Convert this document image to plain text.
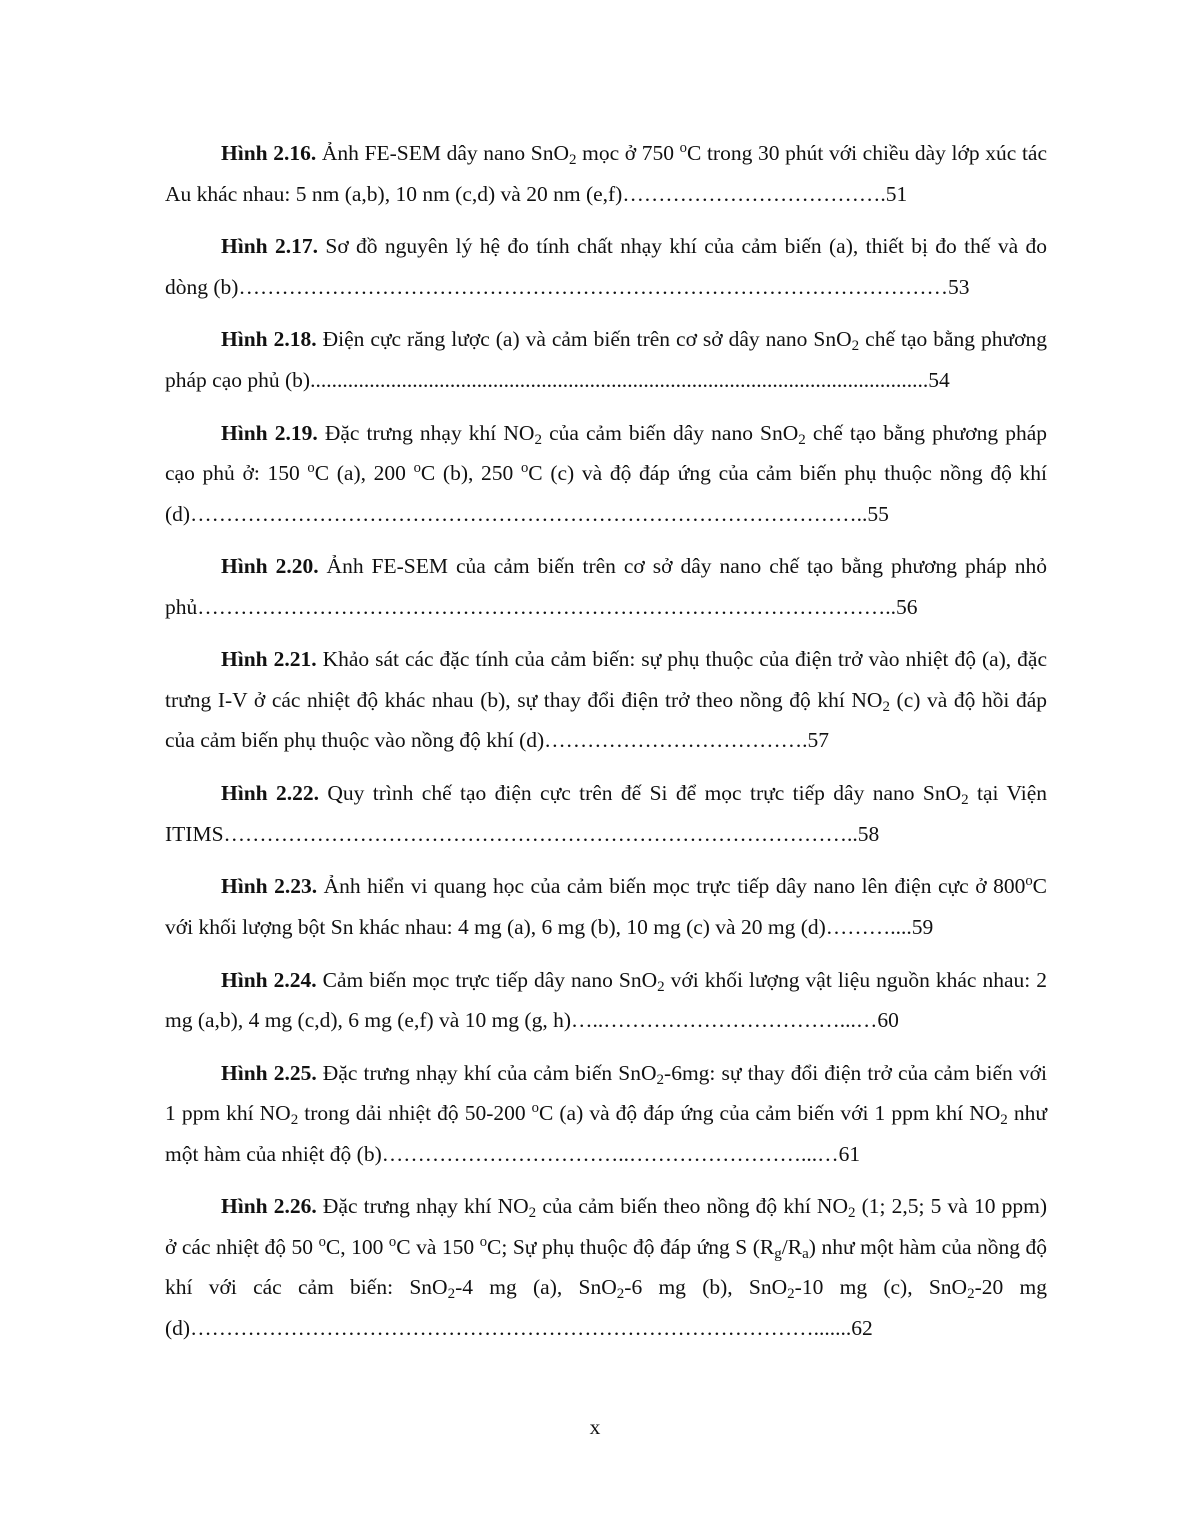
Hình 2.16. Ảnh FE-SEM dây nano SnO$_2$ mọc ở 750 $^o$C trong 30 phút với chiều dày lớp xúc tác Au khác nhau: 5 nm (a,b), 10 nm (c,d) và 20 nm (e,f)……………………………….51

Hình 2.17. Sơ đồ nguyên lý hệ đo tính chất nhạy khí của cảm biến (a), thiết bị đo thế và đo dòng (b)………………………………………………………………………………………53

Hình 2.18. Điện cực răng lược (a) và cảm biến trên cơ sở dây nano SnO$_2$ chế tạo bằng phương pháp cạo phủ (b)...................................................................................................................54

Hình 2.19. Đặc trưng nhạy khí $NO_2$ của cảm biến dây nano SnO$_2$ chế tạo bằng phương pháp cạo phủ ở: 150 $^o$C (a), 200 $^o$C (b), 250 $^o$C (c) và độ đáp ứng của cảm biến phụ thuộc nồng độ khí (d)…………………………………………………………………………………..55

Hình 2.20. Ảnh FE-SEM của cảm biến trên cơ sở dây nano chế tạo bằng phương pháp nhỏ phủ……………………………………………………………………………………..56

Hình 2.21. Khảo sát các đặc tính của cảm biến: sự phụ thuộc của điện trở vào nhiệt độ (a), đặc trưng I-V ở các nhiệt độ khác nhau (b), sự thay đổi điện trở theo nồng độ khí $NO_2$ (c) và độ hồi đáp của cảm biến phụ thuộc vào nồng độ khí (d)……………………………….57

Hình 2.22. Quy trình chế tạo điện cực trên đế Si để mọc trực tiếp dây nano SnO$_2$ tại Viện ITIMS……………………………………………………………………………..58

Hình 2.23. Ảnh hiển vi quang học của cảm biến mọc trực tiếp dây nano lên điện cực ở 800$^o$C với khối lượng bột Sn khác nhau: 4 mg (a), 6 mg (b), 10 mg (c) và 20 mg (d)………....59

Hình 2.24. Cảm biến mọc trực tiếp dây nano SnO$_2$ với khối lượng vật liệu nguồn khác nhau: 2 mg (a,b), 4 mg (c,d), 6 mg (e,f) và 10 mg (g, h)…..……………………………...…60

Hình 2.25. Đặc trưng nhạy khí của cảm biến SnO$_2$-6mg: sự thay đổi điện trở của cảm biến với 1 ppm khí $NO_2$ trong dải nhiệt độ 50-200 $^o$C (a) và độ đáp ứng của cảm biến với 1 ppm khí $NO_2$ như một hàm của nhiệt độ (b)……………………………..……………………...…61

Hình 2.26. Đặc trưng nhạy khí $NO_2$ của cảm biến theo nồng độ khí $NO_2$ (1; 2,5; 5 và 10 ppm) ở các nhiệt độ 50 $^o$C, 100 $^o$C và 150 $^o$C; Sự phụ thuộc độ đáp ứng S $(R_g/R_a)$ như một hàm của nồng độ khí với các cảm biến: SnO$_2$-4 mg (a), SnO$_2$-6 mg (b), SnO$_2$-10 mg (c), SnO$_2$-20 mg (d)…………………………………………………………………………….......62

x
